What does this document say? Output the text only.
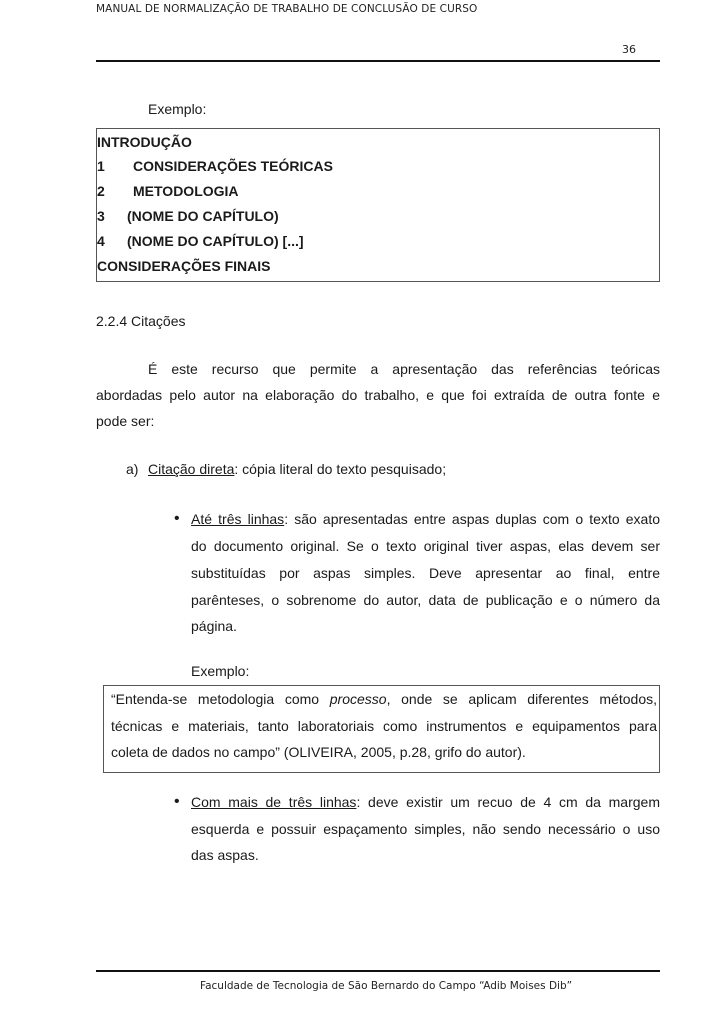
MANUAL DE NORMALIZAÇÃO DE TRABALHO DE CONCLUSÃO DE CURSO
36
Exemplo:
INTRODUÇÃO
1 CONSIDERAÇÕES TEÓRICAS
2 METODOLOGIA
3 (NOME DO CAPÍTULO)
4 (NOME DO CAPÍTULO) [...]
CONSIDERAÇÕES FINAIS
2.2.4 Citações
É este recurso que permite a apresentação das referências teóricas
abordadas pelo autor na elaboração do trabalho, e que foi extraída de outra fonte e
pode ser:
a) Citação direta: cópia literal do texto pesquisado;
• Até três linhas: são apresentadas entre aspas duplas com o texto exato
do documento original. Se o texto original tiver aspas, elas devem ser
substituídas por aspas simples. Deve apresentar ao final, entre
parênteses, o sobrenome do autor, data de publicação e o número da
página.
Exemplo:
“Entenda-se metodologia como processo, onde se aplicam diferentes métodos,
técnicas e materiais, tanto laboratoriais como instrumentos e equipamentos para
coleta de dados no campo” (OLIVEIRA, 2005, p.28, grifo do autor).
• Com mais de três linhas: deve existir um recuo de 4 cm da margem
esquerda e possuir espaçamento simples, não sendo necessário o uso
das aspas.
Faculdade de Tecnologia de São Bernardo do Campo “Adib Moises Dib”
